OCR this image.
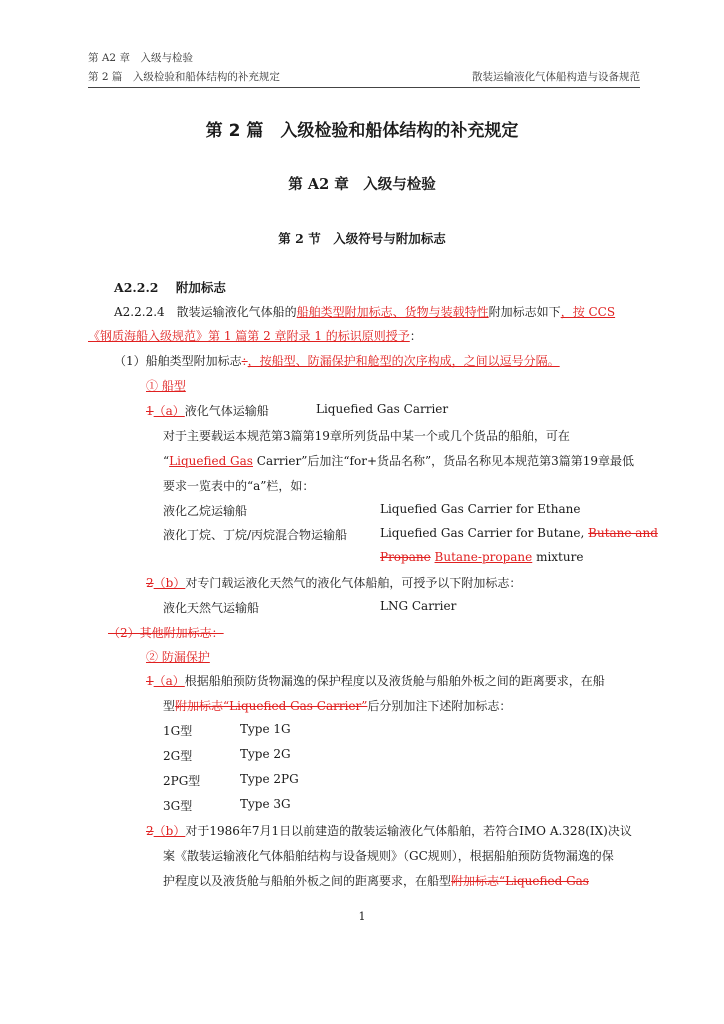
第 A2 章　入级与检验
第 2 篇　入级检验和船体结构的补充规定	散装运输液化气体船构造与设备规范
第 2 篇　入级检验和船体结构的补充规定
第 A2 章　入级与检验
第 2 节　入级符号与附加标志
A2.2.2 附加标志
A2.2.2.4　散装运输液化气体船的船舶类型附加标志、货物与装载特性附加标志如下，按 CCS
《钢质海船入级规范》第 1 篇第 2 章附录 1 的标识原则授予：
（1）船舶类型附加标志：，按船型、防漏保护和舱型的次序构成，之间以逗号分隔。
① 船型
1（a）液化气体运输船	Liquefied Gas Carrier
对于主要载运本规范第3篇第19章所列货品中某一个或几个货品的船舶，可在
“Liquefied Gas Carrier”后加注“for+货品名称”，货品名称见本规范第3篇第19章最低
要求一览表中的“a”栏，如：
液化乙烷运输船	Liquefied Gas Carrier for Ethane
液化丁烷、丁烷/丙烷混合物运输船	Liquefied Gas Carrier for Butane, Butane and
Propane Butane-propane mixture
2（b）对专门载运液化天然气的液化气体船舶，可授予以下附加标志：
液化天然气运输船	LNG Carrier
（2）其他附加标志：
② 防漏保护
1（a）根据船舶预防货物漏逸的保护程度以及液货舱与船舶外板之间的距离要求，在船
型附加标志“Liquefied Gas Carrier”后分别加注下述附加标志：
1G型	Type 1G
2G型	Type 2G
2PG型	Type 2PG
3G型	Type 3G
2（b）对于1986年7月1日以前建造的散装运输液化气体船舶，若符合IMO A.328(IX)决议
案《散装运输液化气体船舶结构与设备规则》（GC规则），根据船舶预防货物漏逸的保
护程度以及液货舱与船舶外板之间的距离要求，在船型附加标志“Liquefied Gas
1
